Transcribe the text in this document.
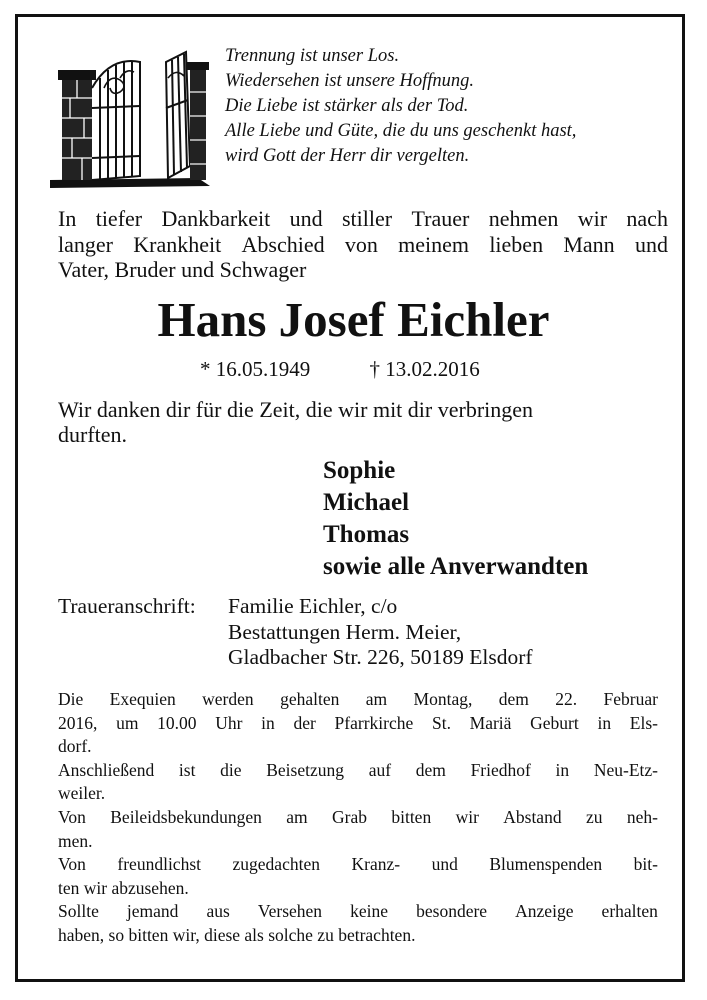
Trennung ist unser Los.
Wiedersehen ist unsere Hoffnung.
Die Liebe ist stärker als der Tod.
Alle Liebe und Güte, die du uns geschenkt hast,
wird Gott der Herr dir vergelten.
In tiefer Dankbarkeit und stiller Trauer nehmen wir nach
langer Krankheit Abschied von meinem lieben Mann und
Vater, Bruder und Schwager
Hans Josef Eichler
* 16.05.1949	† 13.02.2016
Wir danken dir für die Zeit, die wir mit dir verbringen
durften.
Sophie
Michael
Thomas
sowie alle Anverwandten
Traueranschrift:	Familie Eichler, c/o
Bestattungen Herm. Meier,
Gladbacher Str. 226, 50189 Elsdorf
Die Exequien werden gehalten am Montag, dem 22. Februar
2016, um 10.00 Uhr in der Pfarrkirche St. Mariä Geburt in Els-
dorf.
Anschließend ist die Beisetzung auf dem Friedhof in Neu-Etz-
weiler.
Von Beileidsbekundungen am Grab bitten wir Abstand zu neh-
men.
Von freundlichst zugedachten Kranz- und Blumenspenden bit-
ten wir abzusehen.
Sollte jemand aus Versehen keine besondere Anzeige erhalten
haben, so bitten wir, diese als solche zu betrachten.
